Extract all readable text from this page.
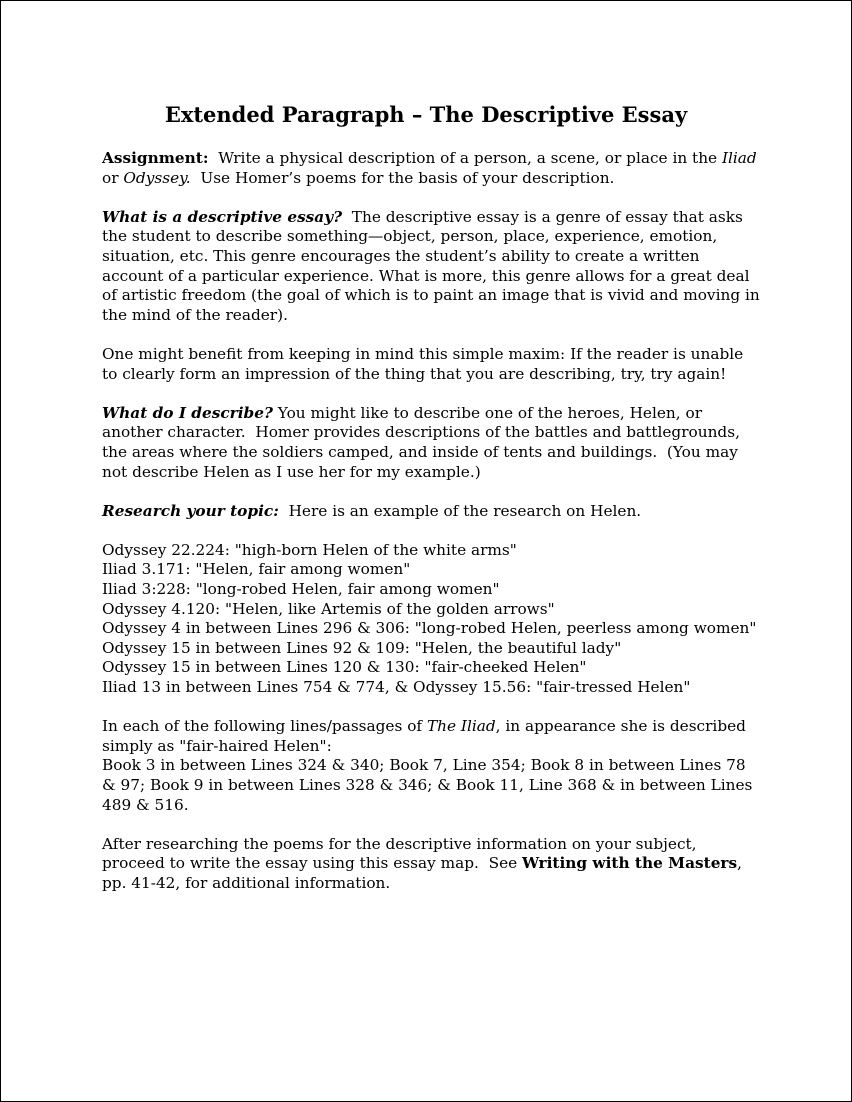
Extended Paragraph – The Descriptive Essay

Assignment:  Write a physical description of a person, a scene, or place in the Iliad or Odyssey.  Use Homer’s poems for the basis of your description.

What is a descriptive essay?  The descriptive essay is a genre of essay that asks the student to describe something—object, person, place, experience, emotion, situation, etc. This genre encourages the student’s ability to create a written account of a particular experience. What is more, this genre allows for a great deal of artistic freedom (the goal of which is to paint an image that is vivid and moving in the mind of the reader).

One might benefit from keeping in mind this simple maxim: If the reader is unable to clearly form an impression of the thing that you are describing, try, try again!

What do I describe? You might like to describe one of the heroes, Helen, or another character.  Homer provides descriptions of the battles and battlegrounds, the areas where the soldiers camped, and inside of tents and buildings.  (You may not describe Helen as I use her for my example.)

Research your topic:  Here is an example of the research on Helen.

Odyssey 22.224: "high-born Helen of the white arms"
Iliad 3.171: "Helen, fair among women"
Iliad 3:228: "long-robed Helen, fair among women"
Odyssey 4.120: "Helen, like Artemis of the golden arrows"
Odyssey 4 in between Lines 296 & 306: "long-robed Helen, peerless among women"
Odyssey 15 in between Lines 92 & 109: "Helen, the beautiful lady"
Odyssey 15 in between Lines 120 & 130: "fair-cheeked Helen"
Iliad 13 in between Lines 754 & 774, & Odyssey 15.56: "fair-tressed Helen"

In each of the following lines/passages of The Iliad, in appearance she is described simply as "fair-haired Helen":
Book 3 in between Lines 324 & 340; Book 7, Line 354; Book 8 in between Lines 78 & 97; Book 9 in between Lines 328 & 346; & Book 11, Line 368 & in between Lines 489 & 516.

After researching the poems for the descriptive information on your subject, proceed to write the essay using this essay map.  See Writing with the Masters, pp. 41-42, for additional information.
